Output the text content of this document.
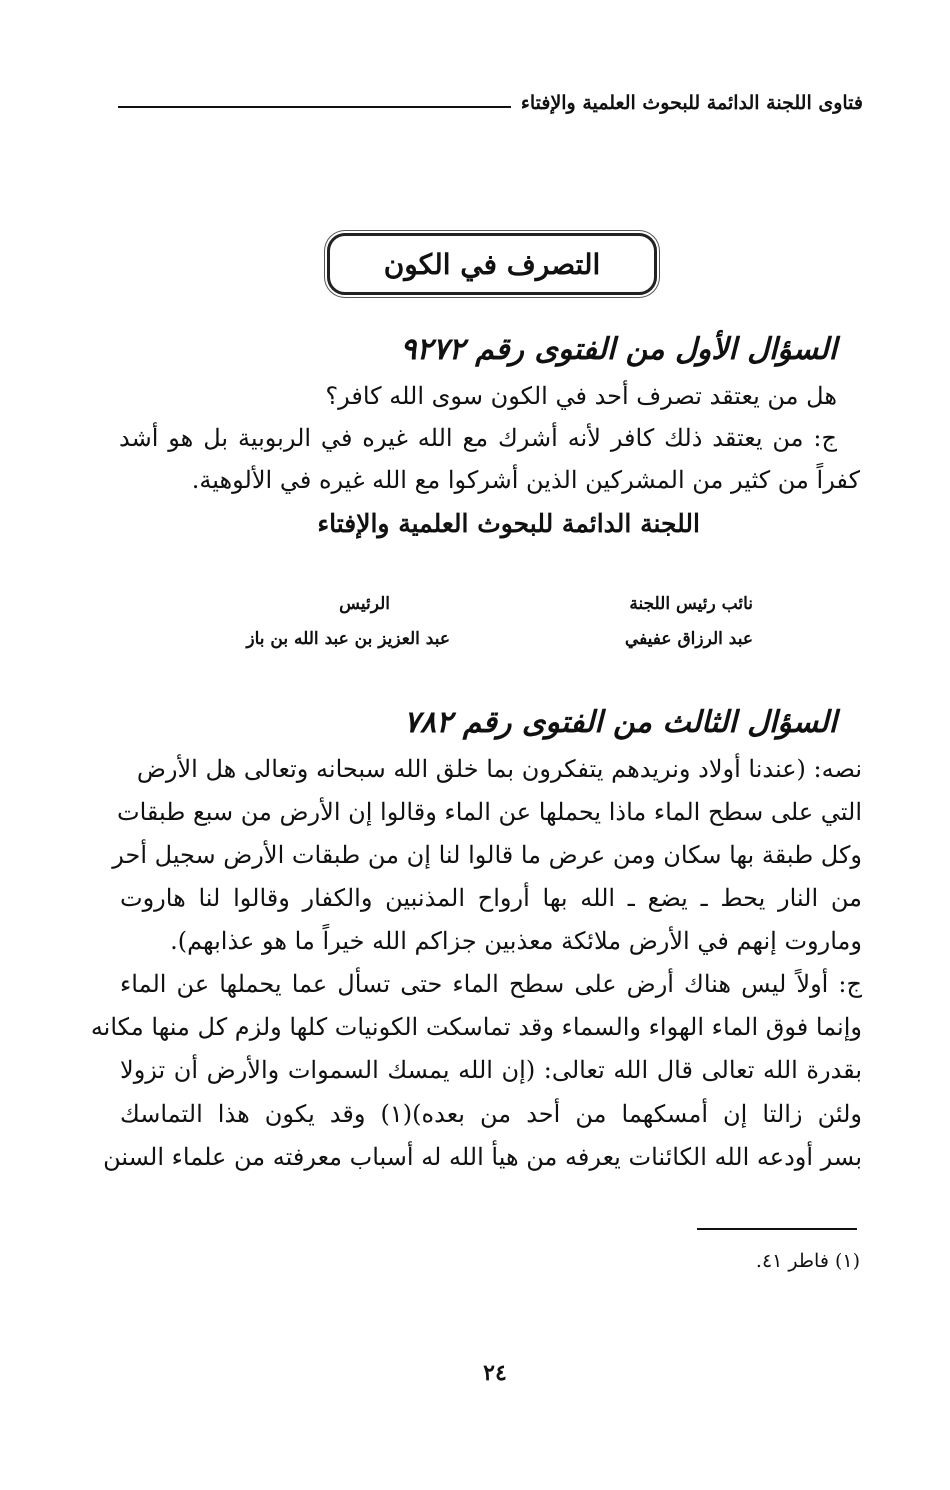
فتاوى اللجنة الدائمة للبحوث العلمية والإفتاء
التصرف في الكون
السؤال الأول من الفتوى رقم ٩٢٧٢
هل من يعتقد تصرف أحد في الكون سوى الله كافر؟
ج: من يعتقد ذلك كافر لأنه أشرك مع الله غيره في الربوبية بل هو أشد
كفراً من كثير من المشركين الذين أشركوا مع الله غيره في الألوهية.
اللجنة الدائمة للبحوث العلمية والإفتاء
نائب رئيس اللجنة
الرئيس
عبد الرزاق عفيفي
عبد العزيز بن عبد الله بن باز
السؤال الثالث من الفتوى رقم ٧٨٢
نصه: (عندنا أولاد ونريدهم يتفكرون بما خلق الله سبحانه وتعالى هل الأرض
التي على سطح الماء ماذا يحملها عن الماء وقالوا إن الأرض من سبع طبقات
وكل طبقة بها سكان ومن عرض ما قالوا لنا إن من طبقات الأرض سجيل أحر
من النار يحط ـ يضع ـ الله بها أرواح المذنبين والكفار وقالوا لنا هاروت
وماروت إنهم في الأرض ملائكة معذبين جزاكم الله خيراً ما هو عذابهم).
ج: أولاً ليس هناك أرض على سطح الماء حتى تسأل عما يحملها عن الماء
وإنما فوق الماء الهواء والسماء وقد تماسكت الكونيات كلها ولزم كل منها مكانه
بقدرة الله تعالى قال الله تعالى: (إن الله يمسك السموات والأرض أن تزولا
ولئن زالتا إن أمسكهما من أحد من بعده)(١) وقد يكون هذا التماسك
بسر أودعه الله الكائنات يعرفه من هيأ الله له أسباب معرفته من علماء السنن
(١) فاطر ٤١.
٢٤
